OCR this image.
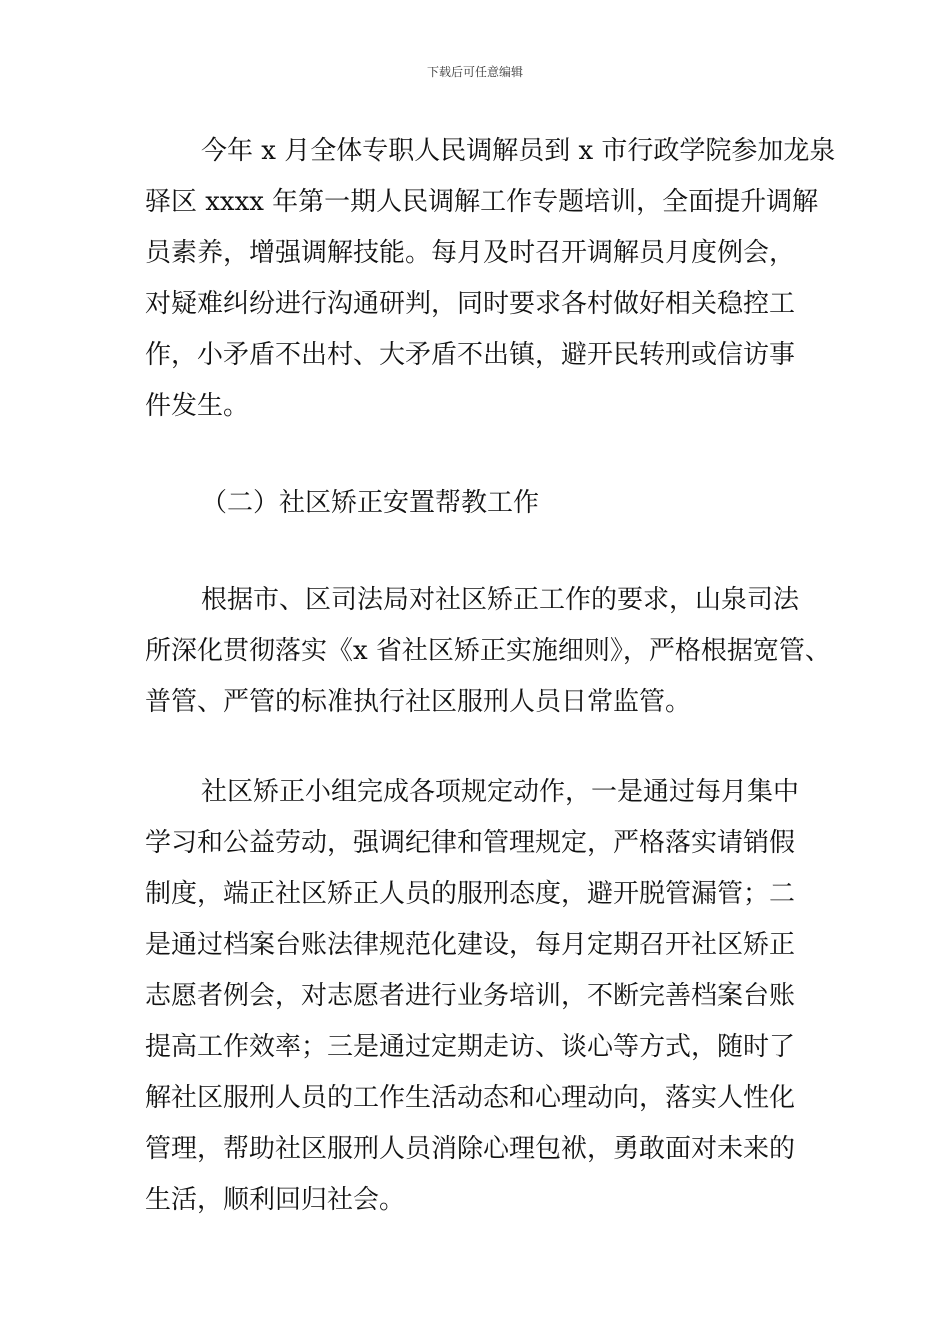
下载后可任意编辑
今年 x 月全体专职人民调解员到 x 市行政学院参加龙泉
驿区 xxxx 年第一期人民调解工作专题培训，全面提升调解
员素养，增强调解技能。每月及时召开调解员月度例会，
对疑难纠纷进行沟通研判，同时要求各村做好相关稳控工
作，小矛盾不出村、大矛盾不出镇，避开民转刑或信访事
件发生。
（二）社区矫正安置帮教工作
根据市、区司法局对社区矫正工作的要求，山泉司法
所深化贯彻落实《x 省社区矫正实施细则》，严格根据宽管、
普管、严管的标准执行社区服刑人员日常监管。
社区矫正小组完成各项规定动作，一是通过每月集中
学习和公益劳动，强调纪律和管理规定，严格落实请销假
制度，端正社区矫正人员的服刑态度，避开脱管漏管；二
是通过档案台账法律规范化建设，每月定期召开社区矫正
志愿者例会，对志愿者进行业务培训，不断完善档案台账
提高工作效率；三是通过定期走访、谈心等方式，随时了
解社区服刑人员的工作生活动态和心理动向，落实人性化
管理，帮助社区服刑人员消除心理包袱，勇敢面对未来的
生活，顺利回归社会。
